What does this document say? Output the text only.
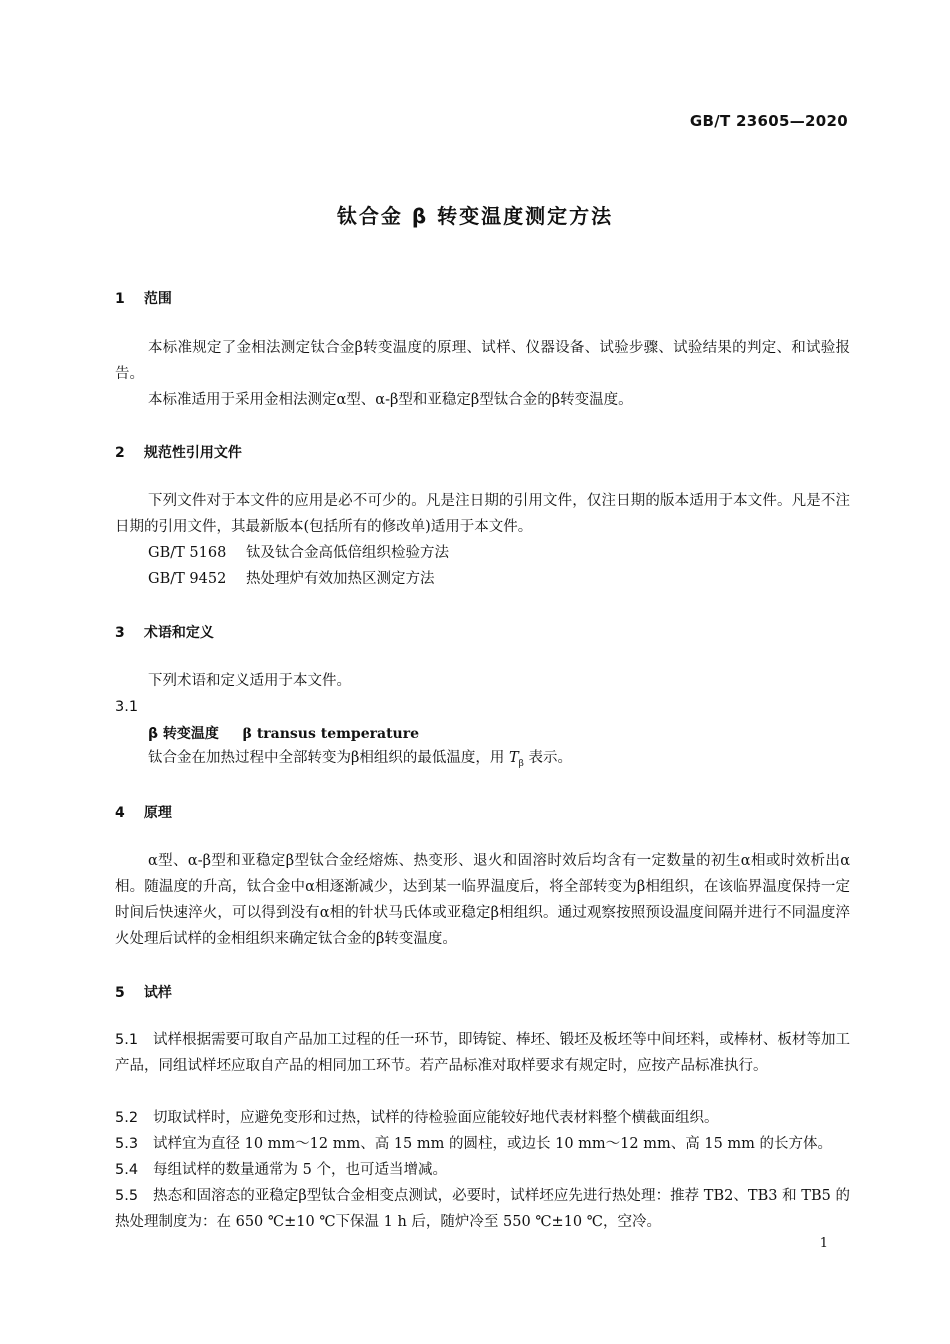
GB/T 23605—2020
钛合金 β 转变温度测定方法
1 范围
本标准规定了金相法测定钛合金β转变温度的原理、试样、仪器设备、试验步骤、试验结果的判定、和试验报告。
本标准适用于采用金相法测定α型、α-β型和亚稳定β型钛合金的β转变温度。
2 规范性引用文件
下列文件对于本文件的应用是必不可少的。凡是注日期的引用文件，仅注日期的版本适用于本文件。凡是不注日期的引用文件，其最新版本(包括所有的修改单)适用于本文件。
GB/T 5168 钛及钛合金高低倍组织检验方法
GB/T 9452 热处理炉有效加热区测定方法
3 术语和定义
下列术语和定义适用于本文件。
3.1
β 转变温度 β transus temperature
钛合金在加热过程中全部转变为β相组织的最低温度，用 $T_\beta$ 表示。
4 原理
α型、α-β型和亚稳定β型钛合金经熔炼、热变形、退火和固溶时效后均含有一定数量的初生α相或时效析出α相。随温度的升高，钛合金中α相逐渐减少，达到某一临界温度后，将全部转变为β相组织，在该临界温度保持一定时间后快速淬火，可以得到没有α相的针状马氏体或亚稳定β相组织。通过观察按照预设温度间隔并进行不同温度淬火处理后试样的金相组织来确定钛合金的β转变温度。
5 试样
5.1 试样根据需要可取自产品加工过程的任一环节，即铸锭、棒坯、锻坯及板坯等中间坯料，或棒材、板材等加工产品，同组试样坯应取自产品的相同加工环节。若产品标准对取样要求有规定时，应按产品标准执行。
5.2 切取试样时，应避免变形和过热，试样的待检验面应能较好地代表材料整个横截面组织。
5.3 试样宜为直径 10 mm～12 mm、高 15 mm 的圆柱，或边长 10 mm～12 mm、高 15 mm 的长方体。
5.4 每组试样的数量通常为 5 个，也可适当增减。
5.5 热态和固溶态的亚稳定β型钛合金相变点测试，必要时，试样坯应先进行热处理：推荐 TB2、TB3 和 TB5 的热处理制度为：在 650 ℃±10 ℃下保温 1 h 后，随炉冷至 550 ℃±10 ℃，空冷。
1
